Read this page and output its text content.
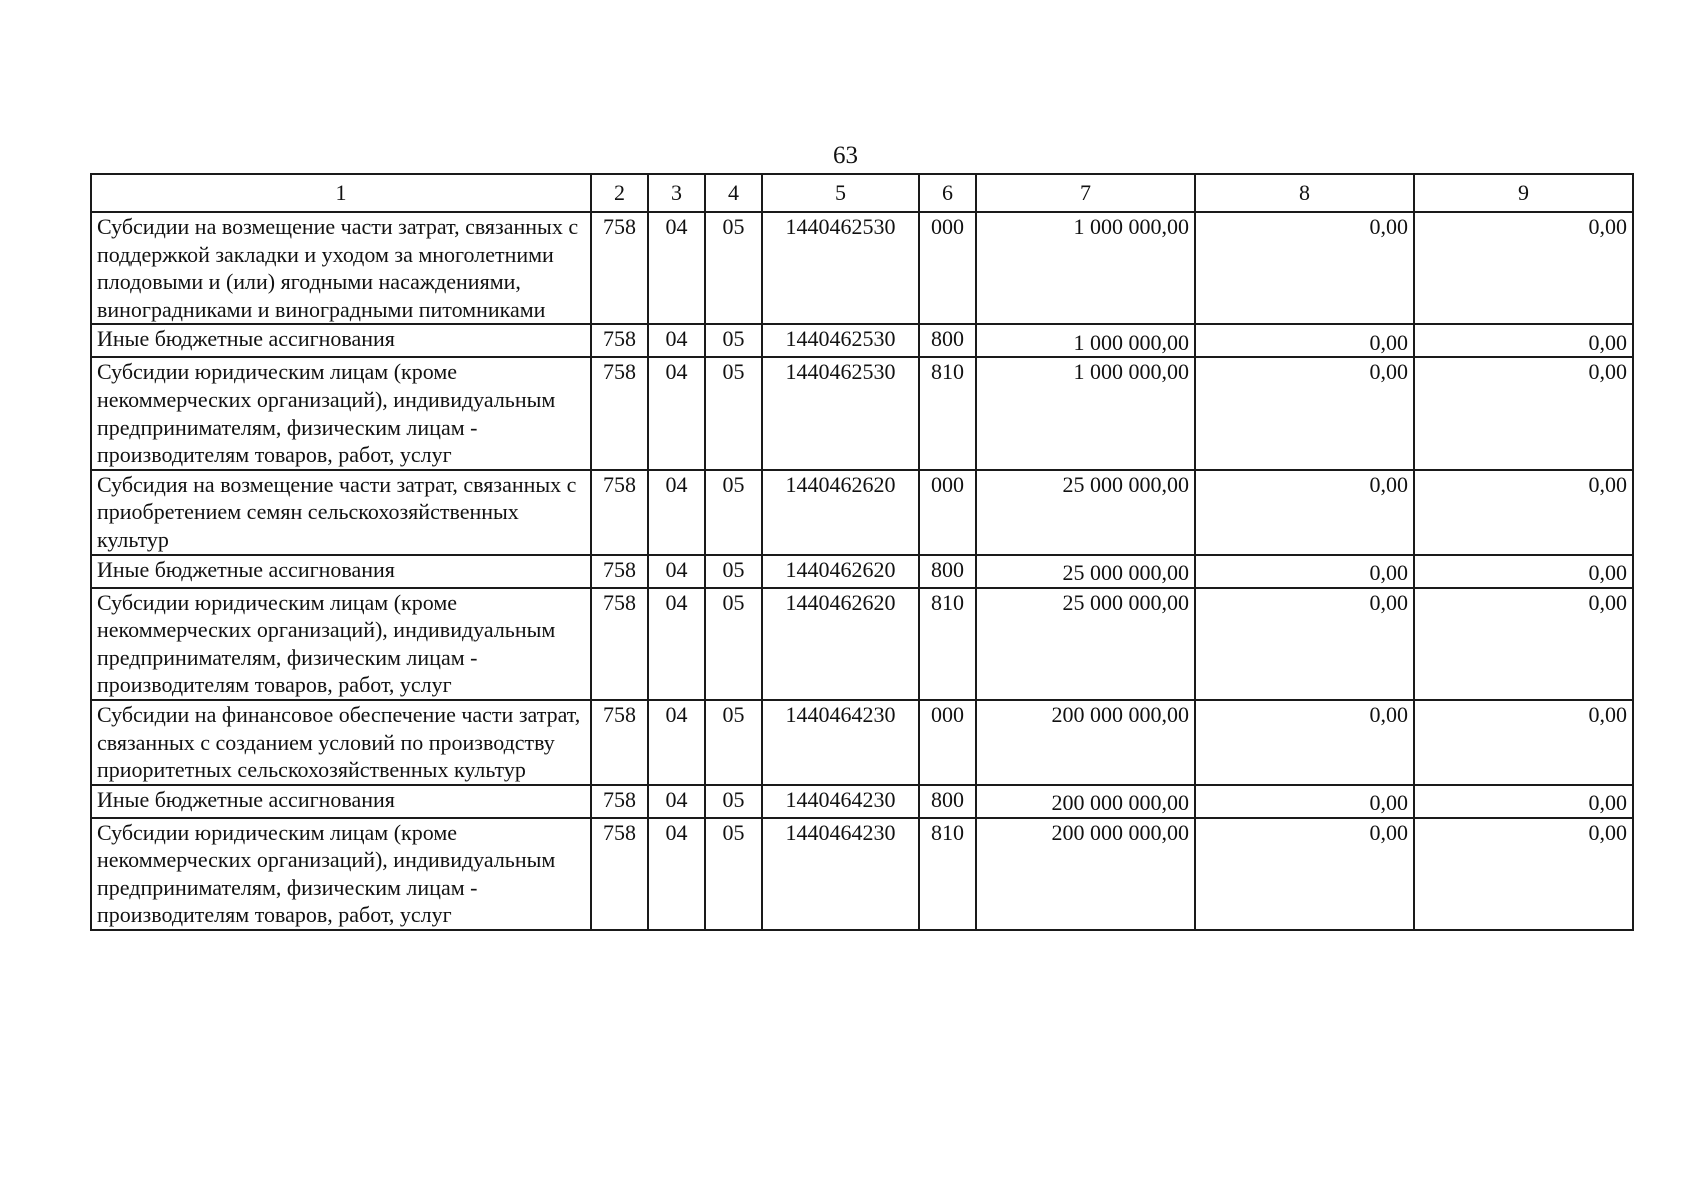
63
1	2	3	4	5	6	7	8	9
Субсидии на возмещение части затрат, связанных с поддержкой закладки и уходом за многолетними плодовыми и (или) ягодными насаждениями, виноградниками и виноградными питомниками	758	04	05	1440462530	000	1 000 000,00	0,00	0,00
Иные бюджетные ассигнования	758	04	05	1440462530	800	1 000 000,00	0,00	0,00
Субсидии юридическим лицам (кроме некоммерческих организаций), индивидуальным предпринимателям, физическим лицам - производителям товаров, работ, услуг	758	04	05	1440462530	810	1 000 000,00	0,00	0,00
Субсидия на возмещение части затрат, связанных с приобретением семян сельскохозяйственных культур	758	04	05	1440462620	000	25 000 000,00	0,00	0,00
Иные бюджетные ассигнования	758	04	05	1440462620	800	25 000 000,00	0,00	0,00
Субсидии юридическим лицам (кроме некоммерческих организаций), индивидуальным предпринимателям, физическим лицам - производителям товаров, работ, услуг	758	04	05	1440462620	810	25 000 000,00	0,00	0,00
Субсидии на финансовое обеспечение части затрат, связанных с созданием условий по производству приоритетных сельскохозяйственных культур	758	04	05	1440464230	000	200 000 000,00	0,00	0,00
Иные бюджетные ассигнования	758	04	05	1440464230	800	200 000 000,00	0,00	0,00
Субсидии юридическим лицам (кроме некоммерческих организаций), индивидуальным предпринимателям, физическим лицам - производителям товаров, работ, услуг	758	04	05	1440464230	810	200 000 000,00	0,00	0,00
